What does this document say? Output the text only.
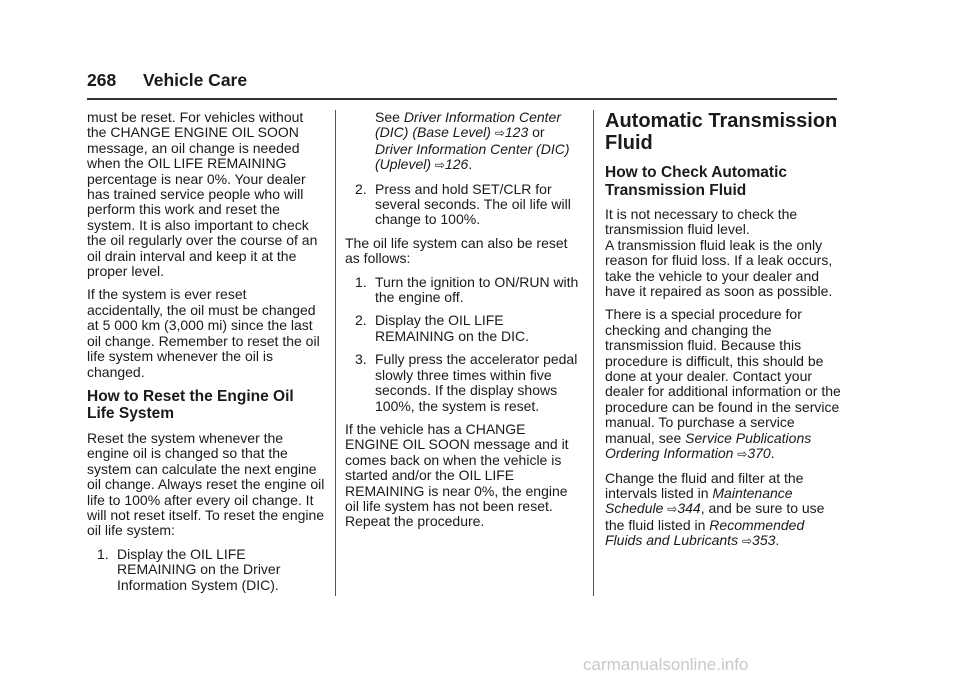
268 Vehicle Care

must be reset. For vehicles without the CHANGE ENGINE OIL SOON message, an oil change is needed when the OIL LIFE REMAINING percentage is near 0%. Your dealer has trained service people who will perform this work and reset the system. It is also important to check the oil regularly over the course of an oil drain interval and keep it at the proper level.

If the system is ever reset accidentally, the oil must be changed at 5 000 km (3,000 mi) since the last oil change. Remember to reset the oil life system whenever the oil is changed.

How to Reset the Engine Oil Life System

Reset the system whenever the engine oil is changed so that the system can calculate the next engine oil change. Always reset the engine oil life to 100% after every oil change. It will not reset itself. To reset the engine oil life system:

1. Display the OIL LIFE REMAINING on the Driver Information System (DIC).

See Driver Information Center (DIC) (Base Level) ⇨123 or Driver Information Center (DIC) (Uplevel) ⇨126.

2. Press and hold SET/CLR for several seconds. The oil life will change to 100%.

The oil life system can also be reset as follows:

1. Turn the ignition to ON/RUN with the engine off.
2. Display the OIL LIFE REMAINING on the DIC.
3. Fully press the accelerator pedal slowly three times within five seconds. If the display shows 100%, the system is reset.

If the vehicle has a CHANGE ENGINE OIL SOON message and it comes back on when the vehicle is started and/or the OIL LIFE REMAINING is near 0%, the engine oil life system has not been reset. Repeat the procedure.

Automatic Transmission Fluid
How to Check Automatic Transmission Fluid

It is not necessary to check the transmission fluid level.

A transmission fluid leak is the only reason for fluid loss. If a leak occurs, take the vehicle to your dealer and have it repaired as soon as possible.

There is a special procedure for checking and changing the transmission fluid. Because this procedure is difficult, this should be done at your dealer. Contact your dealer for additional information or the procedure can be found in the service manual. To purchase a service manual, see Service Publications Ordering Information ⇨370.

Change the fluid and filter at the intervals listed in Maintenance Schedule ⇨344, and be sure to use the fluid listed in Recommended Fluids and Lubricants ⇨353.

carmanualsonline.info
